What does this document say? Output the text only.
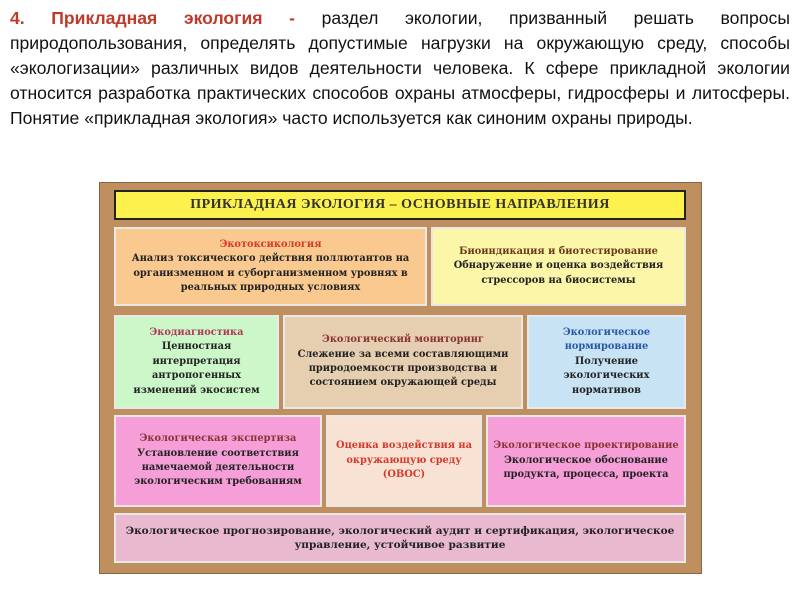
4. Прикладная экология - раздел экологии, призванный решать вопросы природопользования, определять допустимые нагрузки на окружающую среду, способы «экологизации» различных видов деятельности человека. К сфере прикладной экологии относится разработка практических способов охраны атмосферы, гидросферы и литосферы. Понятие «прикладная экология» часто используется как синоним охраны природы.
ПРИКЛАДНАЯ ЭКОЛОГИЯ – ОСНОВНЫЕ НАПРАВЛЕНИЯ
Экотоксикология
Анализ токсического действия поллютантов на организменном и суборганизменном уровнях в реальных природных условиях
Биоиндикация и биотестирование
Обнаружение и оценка воздействия стрессоров на биосистемы
Экодиагностика
Ценностная интерпретация антропогенных изменений экосистем
Экологический мониторинг
Слежение за всеми составляющими природоемкости производства и состоянием окружающей среды
Экологическое нормирование
Получение экологических нормативов
Экологическая экспертиза
Установление соответствия намечаемой деятельности экологическим требованиям
Оценка воздействия на окружающую среду (ОВОС)
Экологическое проектирование
Экологическое обоснование продукта, процесса, проекта
Экологическое прогнозирование, экологический аудит и сертификация, экологическое управление, устойчивое развитие
